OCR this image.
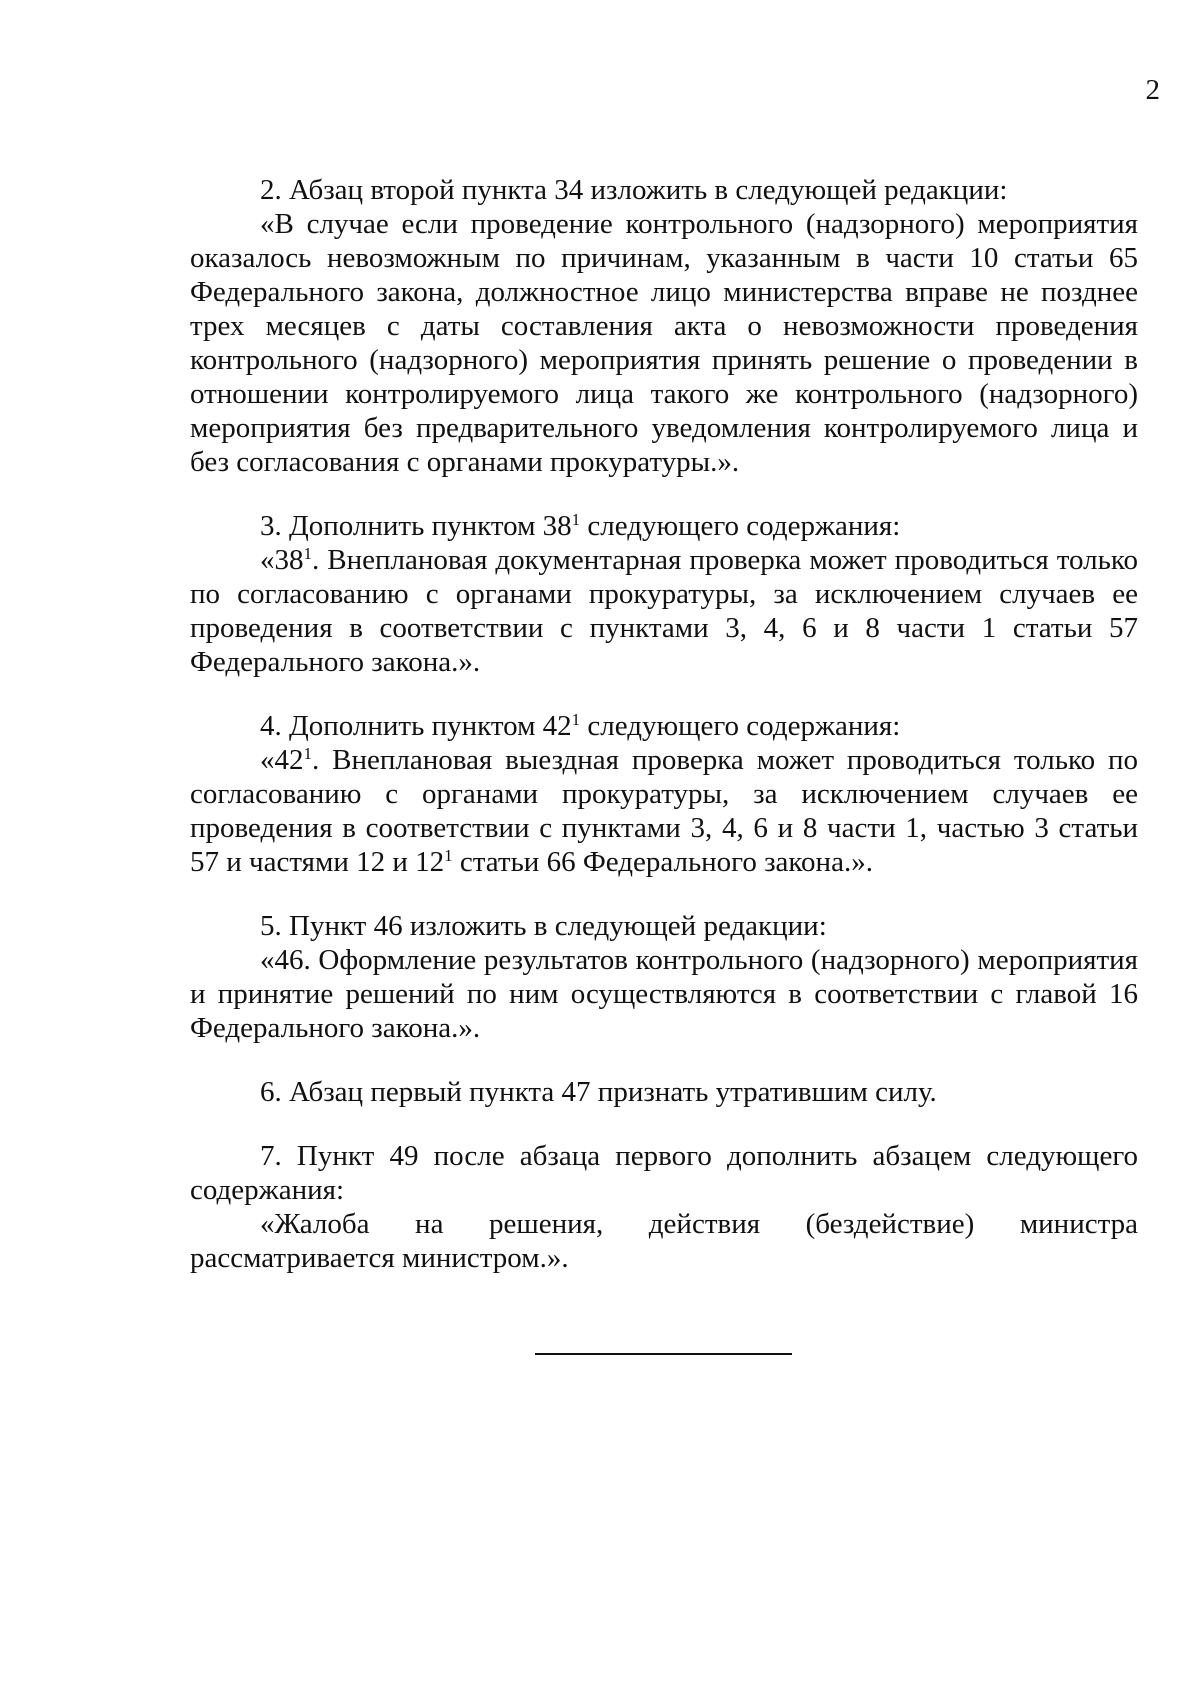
2

2. Абзац второй пункта 34 изложить в следующей редакции:

«В случае если проведение контрольного (надзорного) мероприятия оказалось невозможным по причинам, указанным в части 10 статьи 65 Федерального закона, должностное лицо министерства вправе не позднее трех месяцев с даты составления акта о невозможности проведения контрольного (надзорного) мероприятия принять решение о проведении в отношении контролируемого лица такого же контрольного (надзорного) мероприятия без предварительного уведомления контролируемого лица и без согласования с органами прокуратуры.».

3. Дополнить пунктом $38^1$ следующего содержания:

«$38^1$. Внеплановая документарная проверка может проводиться только по согласованию с органами прокуратуры, за исключением случаев ее проведения в соответствии с пунктами 3, 4, 6 и 8 части 1 статьи 57 Федерального закона.».

4. Дополнить пунктом $42^1$ следующего содержания:

«$42^1$. Внеплановая выездная проверка может проводиться только по согласованию с органами прокуратуры, за исключением случаев ее проведения в соответствии с пунктами 3, 4, 6 и 8 части 1, частью 3 статьи 57 и частями 12 и $12^1$ статьи 66 Федерального закона.».

5. Пункт 46 изложить в следующей редакции:

«46. Оформление результатов контрольного (надзорного) мероприятия и принятие решений по ним осуществляются в соответствии с главой 16 Федерального закона.».

6. Абзац первый пункта 47 признать утратившим силу.

7. Пункт 49 после абзаца первого дополнить абзацем следующего содержания:

«Жалоба на решения, действия (бездействие) министра рассматривается министром.».
